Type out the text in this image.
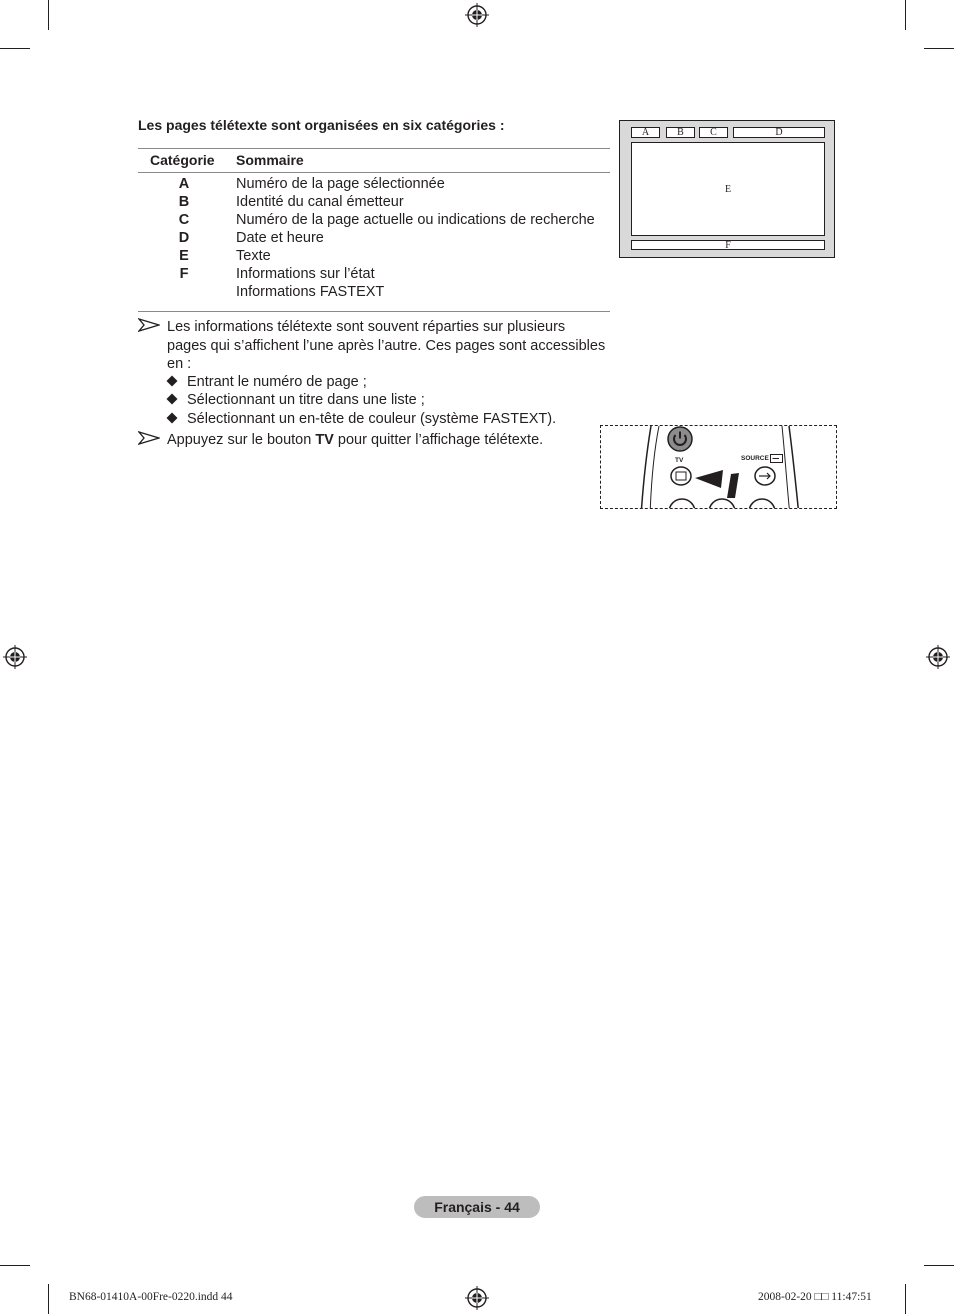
Les pages télétexte sont organisées en six catégories :
Catégorie Sommaire
A	Numéro de la page sélectionnée
B	Identité du canal émetteur
C	Numéro de la page actuelle ou indications de recherche
D	Date et heure
E	Texte
F	Informations sur l’état
Informations FASTEXT
Les informations télétexte sont souvent réparties sur plusieurs pages qui s’affichent l’une après l’autre. Ces pages sont accessibles en :
Entrant le numéro de page ;
Sélectionnant un titre dans une liste ;
Sélectionnant un en-tête de couleur (système FASTEXT).
Appuyez sur le bouton TV pour quitter l’affichage télétexte.
A	B	C	D
E
F
TV	SOURCE
Français - 44
BN68-01410A-00Fre-0220.indd 44	2008-02-20 □□ 11:47:51
